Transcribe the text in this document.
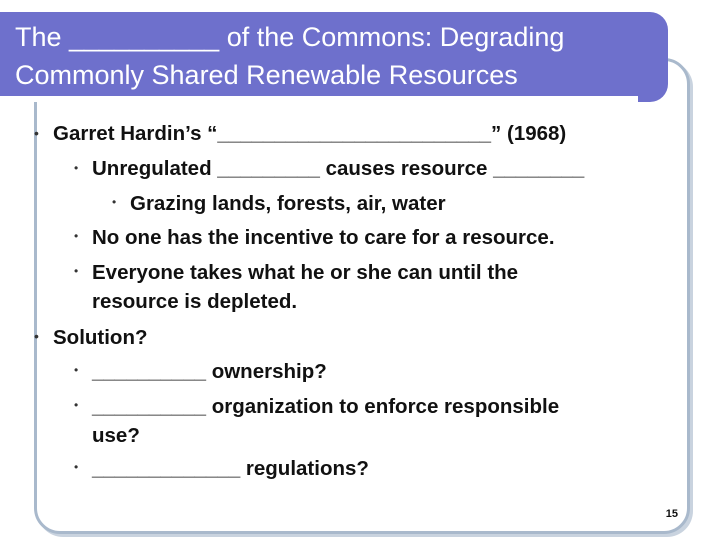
The __________ of the Commons: Degrading
Commonly Shared Renewable Resources
• Garret Hardin’s “________________________” (1968)
• Unregulated _________ causes resource ________
• Grazing lands, forests, air, water
• No one has the incentive to care for a resource.
• Everyone takes what he or she can until the
resource is depleted.
• Solution?
• __________ ownership?
• __________ organization to enforce responsible
use?
• _____________ regulations?
15
